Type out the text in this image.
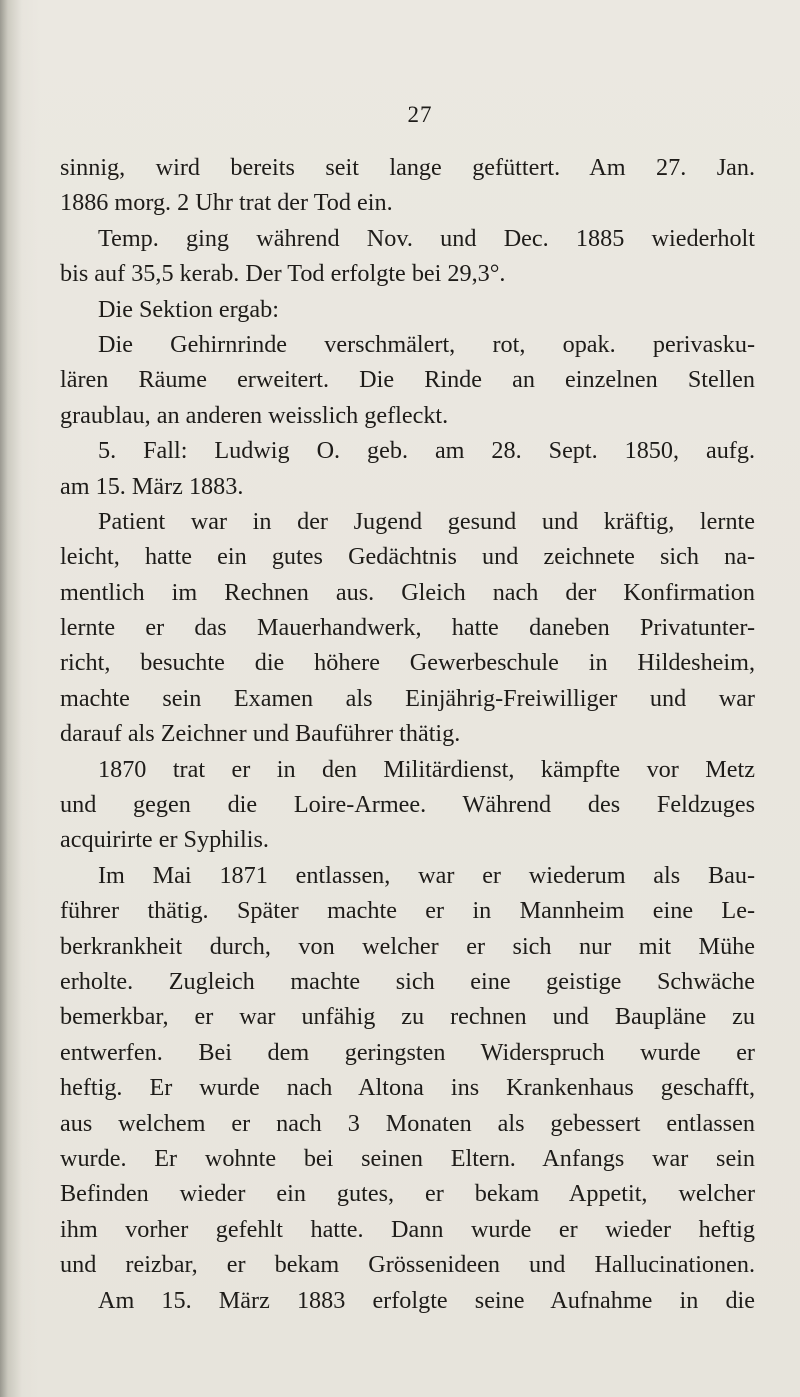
27
sinnig, wird bereits seit lange gefüttert. Am 27. Jan.
1886 morg. 2 Uhr trat der Tod ein.
Temp. ging während Nov. und Dec. 1885 wiederholt
bis auf 35,5 kerab. Der Tod erfolgte bei 29,3°.
Die Sektion ergab:
Die Gehirnrinde verschmälert, rot, opak. perivasku-
lären Räume erweitert. Die Rinde an einzelnen Stellen
graublau, an anderen weisslich gefleckt.
5. Fall: Ludwig O. geb. am 28. Sept. 1850, aufg.
am 15. März 1883.
Patient war in der Jugend gesund und kräftig, lernte
leicht, hatte ein gutes Gedächtnis und zeichnete sich na-
mentlich im Rechnen aus. Gleich nach der Konfirmation
lernte er das Mauerhandwerk, hatte daneben Privatunter-
richt, besuchte die höhere Gewerbeschule in Hildesheim,
machte sein Examen als Einjährig-Freiwilliger und war
darauf als Zeichner und Bauführer thätig.
1870 trat er in den Militärdienst, kämpfte vor Metz
und gegen die Loire-Armee. Während des Feldzuges
acquirirte er Syphilis.
Im Mai 1871 entlassen, war er wiederum als Bau-
führer thätig. Später machte er in Mannheim eine Le-
berkrankheit durch, von welcher er sich nur mit Mühe
erholte. Zugleich machte sich eine geistige Schwäche
bemerkbar, er war unfähig zu rechnen und Baupläne zu
entwerfen. Bei dem geringsten Widerspruch wurde er
heftig. Er wurde nach Altona ins Krankenhaus geschafft,
aus welchem er nach 3 Monaten als gebessert entlassen
wurde. Er wohnte bei seinen Eltern. Anfangs war sein
Befinden wieder ein gutes, er bekam Appetit, welcher
ihm vorher gefehlt hatte. Dann wurde er wieder heftig
und reizbar, er bekam Grössenideen und Hallucinationen.
Am 15. März 1883 erfolgte seine Aufnahme in die
